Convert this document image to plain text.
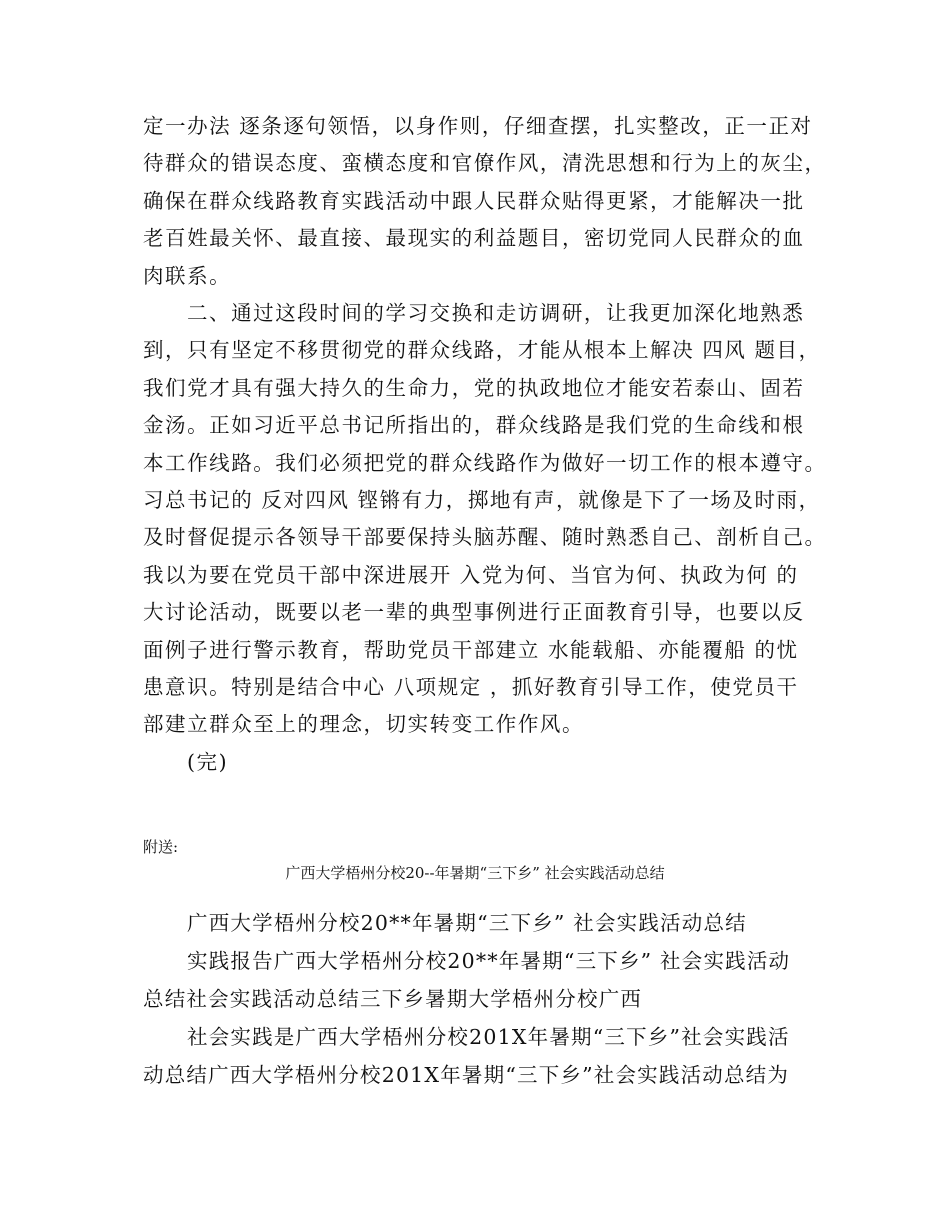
定一办法 逐条逐句领悟，以身作则，仔细查摆，扎实整改，正一正对
待群众的错误态度、蛮横态度和官僚作风，清洗思想和行为上的灰尘，
确保在群众线路教育实践活动中跟人民群众贴得更紧，才能解决一批
老百姓最关怀、最直接、最现实的利益题目，密切党同人民群众的血
肉联系。
二、通过这段时间的学习交换和走访调研，让我更加深化地熟悉
到，只有坚定不移贯彻党的群众线路，才能从根本上解决 四风 题目，
我们党才具有强大持久的生命力，党的执政地位才能安若泰山、固若
金汤。正如习近平总书记所指出的，群众线路是我们党的生命线和根
本工作线路。我们必须把党的群众线路作为做好一切工作的根本遵守。
习总书记的 反对四风 铿锵有力，掷地有声，就像是下了一场及时雨，
及时督促提示各领导干部要保持头脑苏醒、随时熟悉自己、剖析自己。
我以为要在党员干部中深进展开 入党为何、当官为何、执政为何 的
大讨论活动，既要以老一辈的典型事例进行正面教育引导，也要以反
面例子进行警示教育，帮助党员干部建立 水能载船、亦能覆船 的忧
患意识。特别是结合中心 八项规定 ，抓好教育引导工作，使党员干
部建立群众至上的理念，切实转变工作作风。
(完)
附送:
广西大学梧州分校20--年暑期“三下乡” 社会实践活动总结
广西大学梧州分校20**年暑期“三下乡” 社会实践活动总结
实践报告广西大学梧州分校20**年暑期“三下乡” 社会实践活动
总结社会实践活动总结三下乡暑期大学梧州分校广西
社会实践是广西大学梧州分校201X年暑期“三下乡”社会实践活
动总结广西大学梧州分校201X年暑期“三下乡”社会实践活动总结为
